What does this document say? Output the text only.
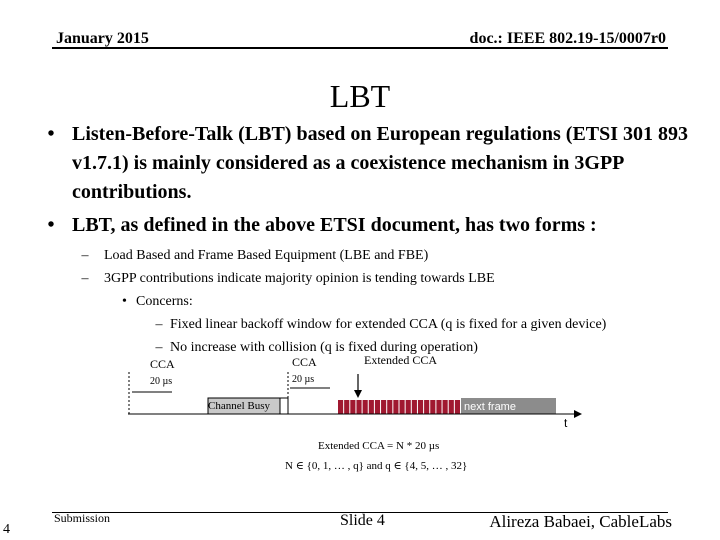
January 2015	doc.: IEEE 802.19-15/0007r0
LBT
• Listen-Before-Talk (LBT) based on European regulations (ETSI 301 893 v1.7.1) is mainly considered as a coexistence mechanism in 3GPP contributions.
• LBT, as defined in the above ETSI document, has two forms :
–	Load Based and Frame Based Equipment (LBE and FBE)
–	3GPP contributions indicate majority opinion is tending towards LBE
• Concerns:
– Fixed linear backoff window for extended CCA (q is fixed for a given device)
– No increase with collision (q is fixed during operation)
CCA	CCA	Extended CCA
20 µs	20 µs
Channel Busy	next frame
t
Extended CCA = N * 20 µs
N ∈ {0, 1, … , q} and q ∈ {4, 5, … , 32}
Submission	Slide 4	Alireza Babaei, CableLabs
4
